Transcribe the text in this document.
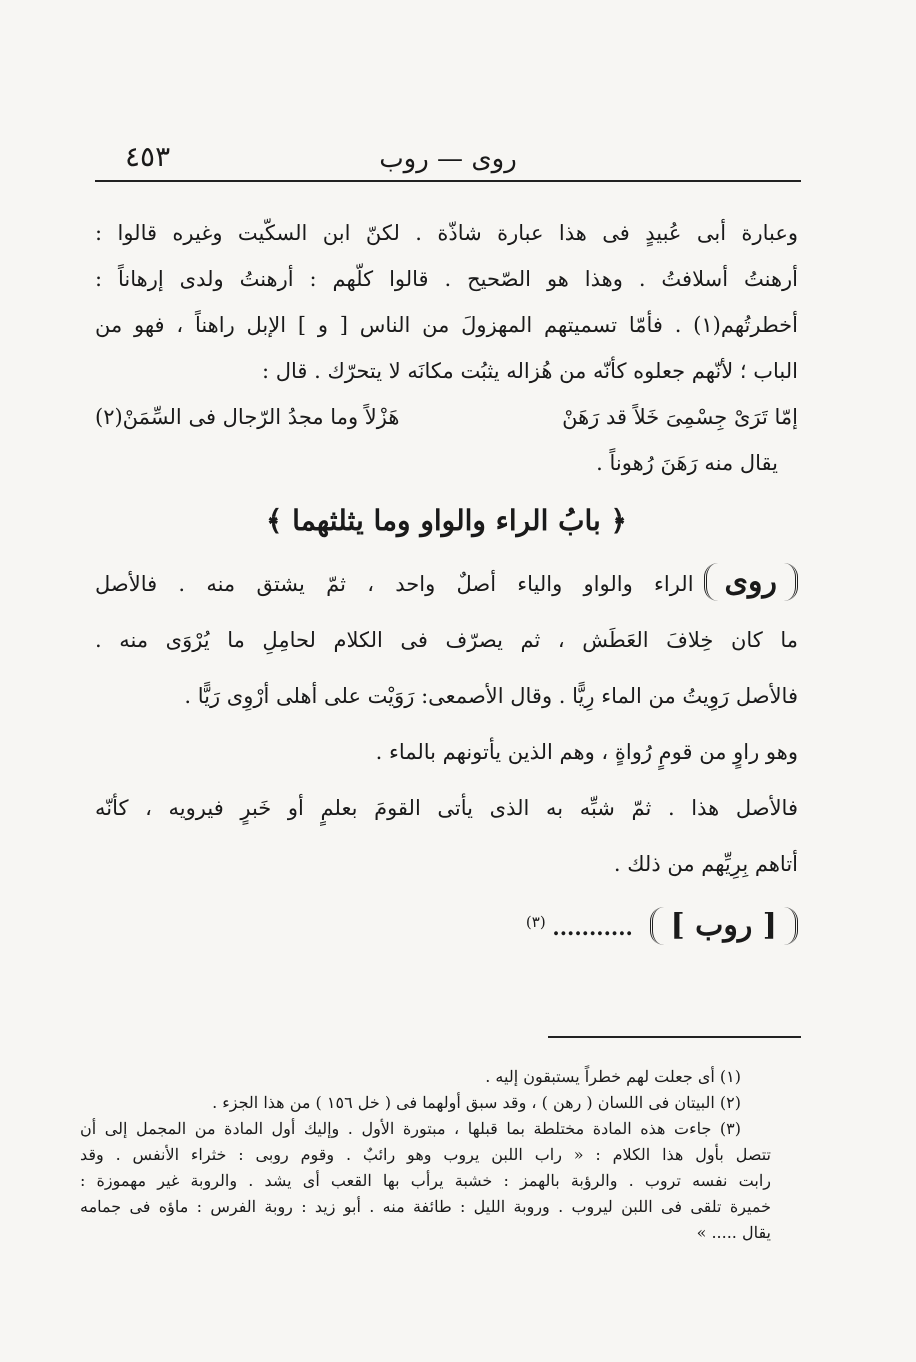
روى — روب
٤٥٣
وعبارة أبى عُبيدٍ فى هذا عبارة شاذّة . لكنّ ابن السكّيت وغيره قالوا :
أرهنتُ أسلافتُ . وهذا هو الصّحيح . قالوا كلّهم : أرهنتُ ولدى إرهاناً :
أخطرتُهم(١) . فأمّا تسميتهم المهزولَ من الناس [ و ] الإبل راهناً ، فهو من
الباب ؛ لأنّهم جعلوه كأنّه من هُزاله يثبُت مكانَه لا يتحرّك . قال :
إمّا تَرَىْ جِسْمِىَ خَلاً قد رَهَنْ
هَزْلاً وما مجدُ الرّجال فى السِّمَنْ(٢)
يقال منه رَهَنَ رُهوناً .
﴿ بابُ الراء والواو وما يثلثهما ﴾
روىالراء والواو والياء أصلٌ واحد ، ثمّ يشتق منه . فالأصل
ما كان خِلافَ العَطَش ، ثم يصرّف فى الكلام لحامِلِ ما يُرْوَى منه .
فالأصل رَوِيتُ من الماء رِيًّا . وقال الأصمعى: رَوَيْت على أهلى أرْوِى رَيًّا .
وهو راوٍ من قومٍ رُواةٍ ، وهم الذين يأتونهم بالماء .
فالأصل هذا . ثمّ شبِّه به الذى يأتى القومَ بعلمٍ أو خَبرٍ فيرويه ، كأنّه
أتاهم بِرِيِّهم من ذلك .
[ روب ] ........... $^{(٣)}$
(١) أى جعلت لهم خطراً يستبقون إليه .
(٢) البيتان فى اللسان ( رهن ) ، وقد سبق أولهما فى ( خل ١٥٦ ) من هذا الجزء .
(٣) جاءت هذه المادة مختلطة بما قبلها ، مبتورة الأول . وإليك أول المادة من المجمل إلى أن
تتصل بأول هذا الكلام : « راب اللبن يروب وهو رائبٌ . وقوم روبى : خثراء الأنفس . وقد
رابت نفسه تروب . والرؤبة بالهمز : خشبة يرأب بها القعب أى يشد . والروبة غير مهموزة :
خميرة تلقى فى اللبن ليروب . وروبة الليل : طائفة منه . أبو زيد : روبة الفرس : ماؤه فى جمامه
يقال ..... »
